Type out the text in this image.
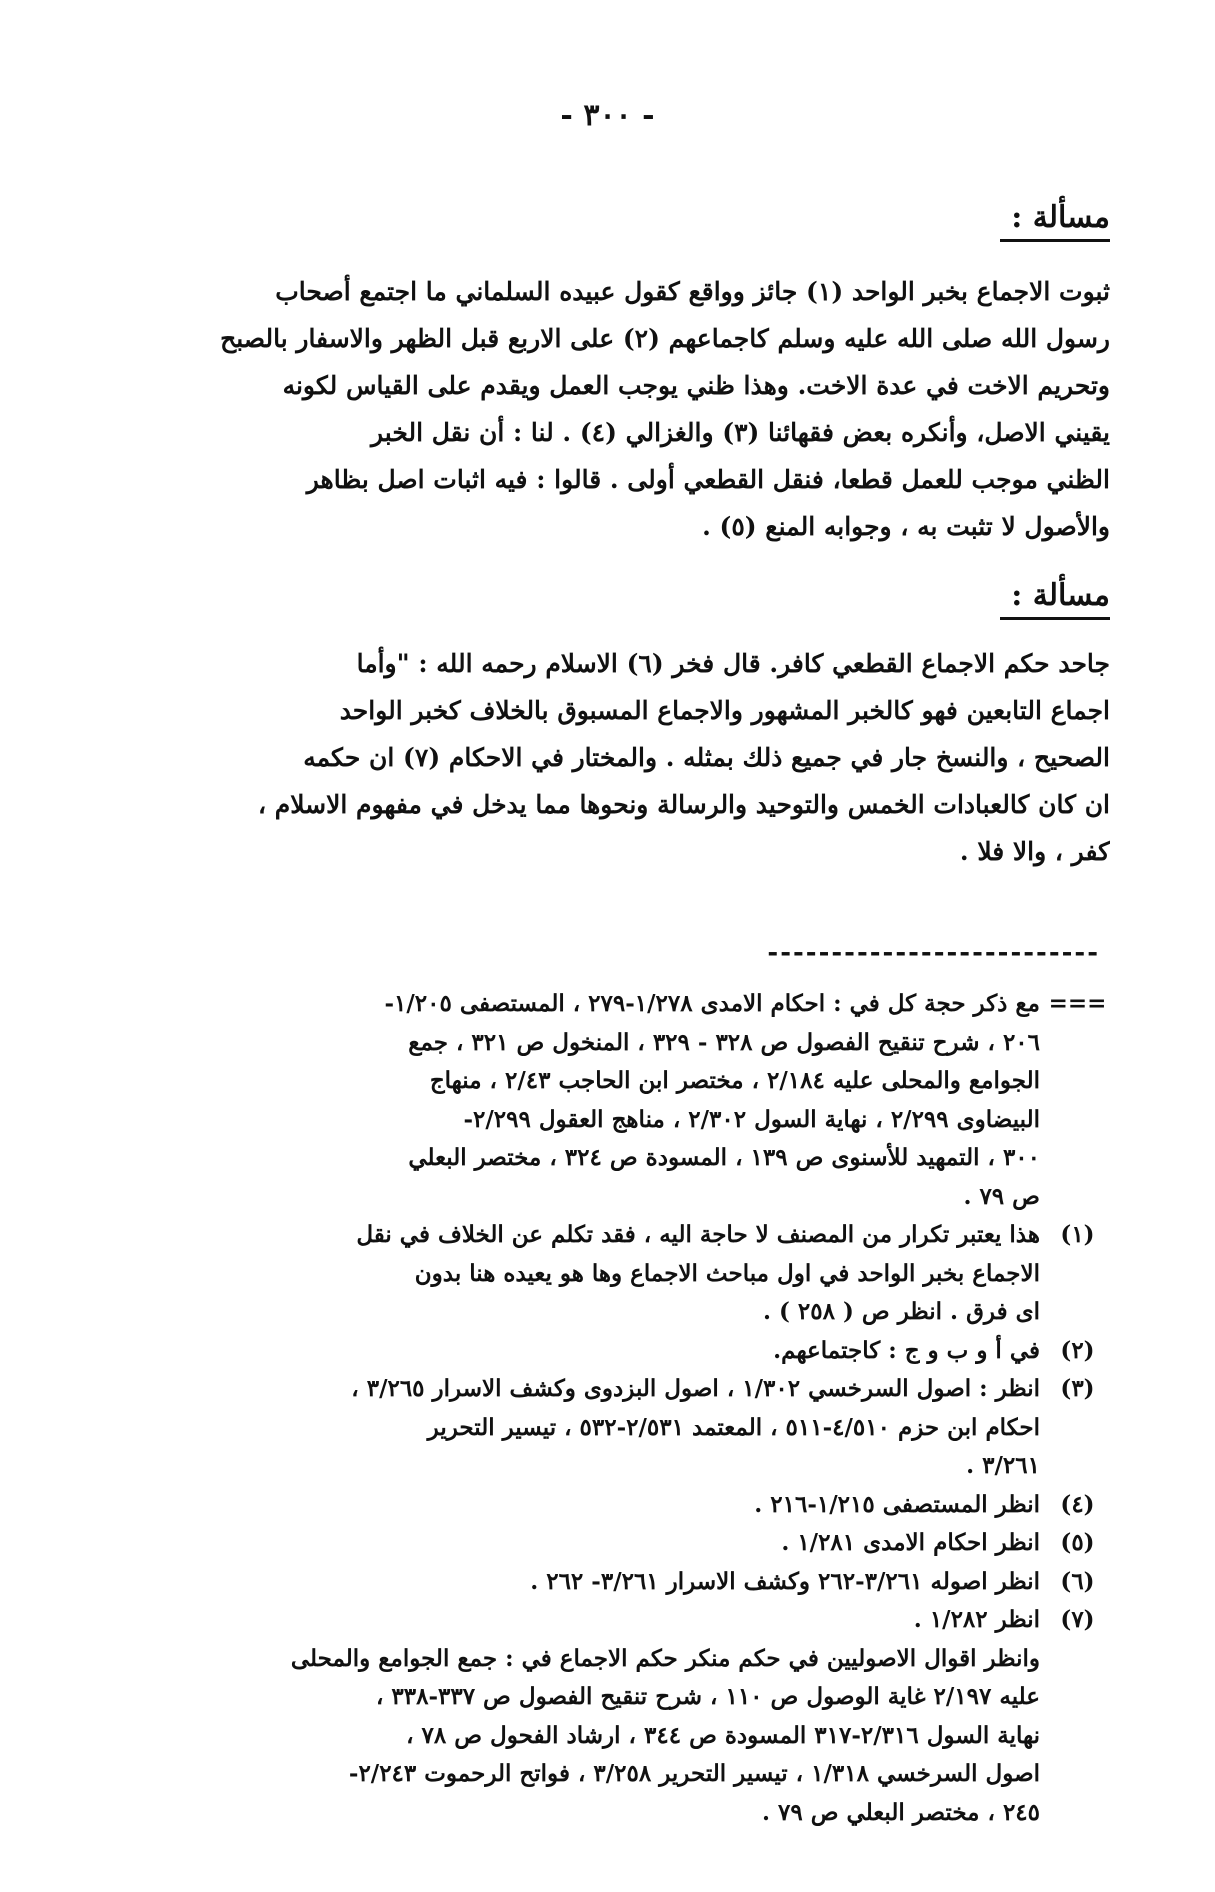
- ٣٠٠ -
مسألة :
ثبوت الاجماع بخبر الواحد (١) جائز وواقع كقول عبيده السلماني ما اجتمع أصحاب
رسول الله صلى الله عليه وسلم كاجماعهم (٢) على الاربع قبل الظهر والاسفار بالصبح
وتحريم الاخت في عدة الاخت. وهذا ظني يوجب العمل ويقدم على القياس لكونه
يقيني الاصل، وأنكره بعض فقهائنا (٣) والغزالي (٤) . لنا : أن نقل الخبر
الظني موجب للعمل قطعا، فنقل القطعي أولى . قالوا : فيه اثبات اصل بظاهر
والأصول لا تثبت به ، وجوابه المنع (٥) .
مسألة :
جاحد حكم الاجماع القطعي كافر. قال فخر (٦) الاسلام رحمه الله : "وأما
اجماع التابعين فهو كالخبر المشهور والاجماع المسبوق بالخلاف كخبر الواحد
الصحيح ، والنسخ جار في جميع ذلك بمثله . والمختار في الاحكام (٧) ان حكمه
ان كان كالعبادات الخمس والتوحيد والرسالة ونحوها مما يدخل في مفهوم الاسلام ،
كفر ، والا فلا .
--------------------------
===
مع ذكر حجة كل في : احكام الامدى ١/٢٧٨-٢٧٩ ، المستصفى ١/٢٠٥-
٢٠٦ ، شرح تنقيح الفصول ص ٣٢٨ - ٣٢٩ ، المنخول ص ٣٢١ ، جمع
الجوامع والمحلى عليه ٢/١٨٤ ، مختصر ابن الحاجب ٢/٤٣ ، منهاج
البيضاوى ٢/٢٩٩ ، نهاية السول ٢/٣٠٢ ، مناهج العقول ٢/٢٩٩-
٣٠٠ ، التمهيد للأسنوى ص ١٣٩ ، المسودة ص ٣٢٤ ، مختصر البعلي
ص ٧٩ .
(١)
هذا يعتبر تكرار من المصنف لا حاجة اليه ، فقد تكلم عن الخلاف في نقل
الاجماع بخبر الواحد في اول مباحث الاجماع وها هو يعيده هنا بدون
اى فرق . انظر ص ( ٢٥٨ ) .
(٢)
في أ و ب و ج : كاجتماعهم.
(٣)
انظر : اصول السرخسي ١/٣٠٢ ، اصول البزدوى وكشف الاسرار ٣/٢٦٥ ،
احكام ابن حزم ٤/٥١٠-٥١١ ، المعتمد ٢/٥٣١-٥٣٢ ، تيسير التحرير
٣/٢٦١ .
(٤)
انظر المستصفى ١/٢١٥-٢١٦ .
(٥)
انظر احكام الامدى ١/٢٨١ .
(٦)
انظر اصوله ٣/٢٦١-٢٦٢ وكشف الاسرار ٣/٢٦١- ٢٦٢ .
(٧)
انظر ١/٢٨٢ .
وانظر اقوال الاصوليين في حكم منكر حكم الاجماع في : جمع الجوامع والمحلى
عليه ٢/١٩٧ غاية الوصول ص ١١٠ ، شرح تنقيح الفصول ص ٣٣٧-٣٣٨ ،
نهاية السول ٢/٣١٦-٣١٧ المسودة ص ٣٤٤ ، ارشاد الفحول ص ٧٨ ،
اصول السرخسي ١/٣١٨ ، تيسير التحرير ٣/٢٥٨ ، فواتح الرحموت ٢/٢٤٣-
٢٤٥ ، مختصر البعلي ص ٧٩ .
